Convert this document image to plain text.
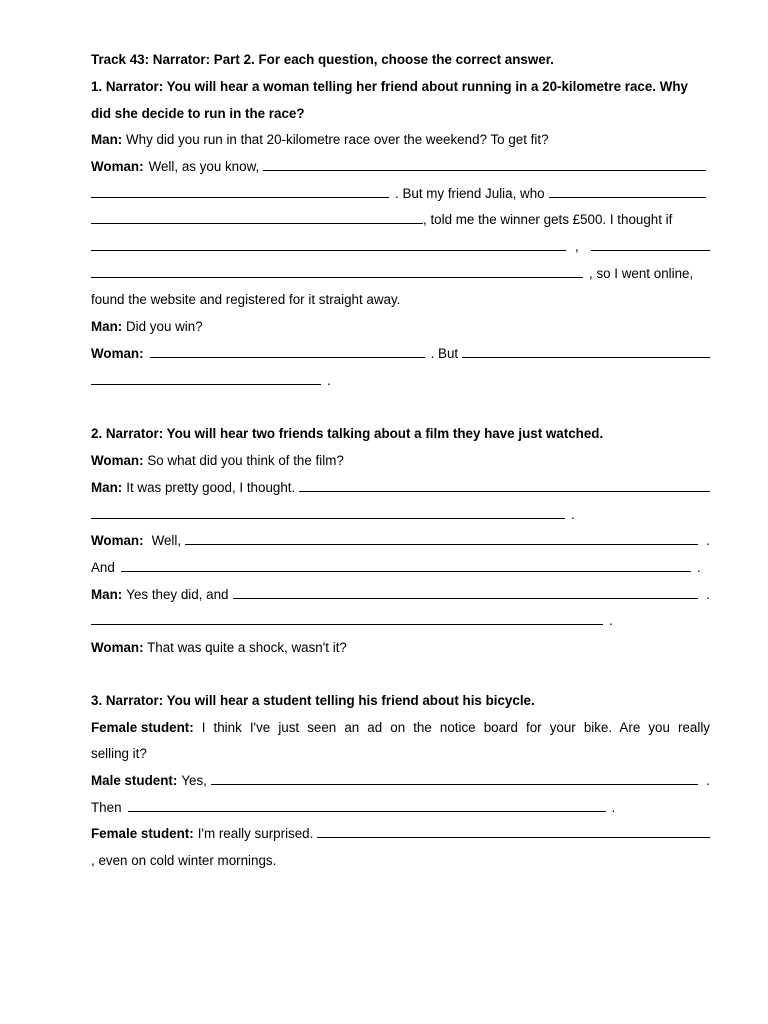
Track 43: Narrator: Part 2. For each question, choose the correct answer.
1. Narrator: You will hear a woman telling her friend about running in a 20-kilometre race. Why
did she decide to run in the race?
Man: Why did you run in that 20-kilometre race over the weekend? To get fit?
Woman: Well, as you know,
. But my friend Julia, who
, told me the winner gets £500. I thought if
,
, so I went online,
found the website and registered for it straight away.
Man: Did you win?
Woman:	. But
.
2. Narrator: You will hear two friends talking about a film they have just watched.
Woman: So what did you think of the film?
Man: It was pretty good, I thought.
.
Woman: Well,	.
And	.
Man: Yes they did, and	.
.
Woman: That was quite a shock, wasn't it?
3. Narrator: You will hear a student telling his friend about his bicycle.
Female student: I think I've just seen an ad on the notice board for your bike. Are you really
selling it?
Male student: Yes,	.
Then	.
Female student: I'm really surprised.
, even on cold winter mornings.
